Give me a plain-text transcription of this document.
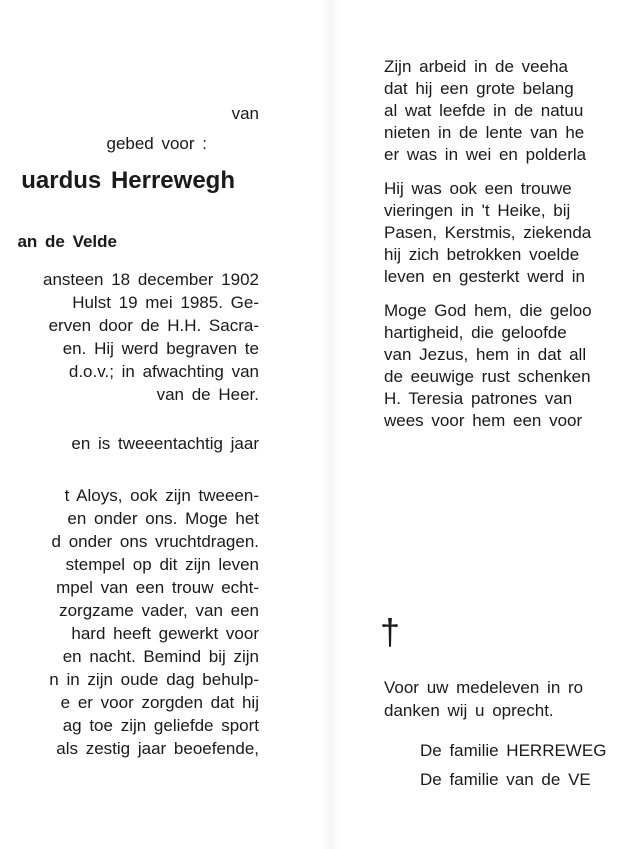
van
gebed voor :
uardus Herrewegh
an de Velde
ansteen 18 december 1902
Hulst 19 mei 1985. Ge-
erven door de H.H. Sacra-
en. Hij werd begraven te
d.o.v.; in afwachting van
van de Heer.
en is tweeentachtig jaar
t Aloys, ook zijn tweeen-
en onder ons. Moge het
d onder ons vruchtdragen.
stempel op dit zijn leven
mpel van een trouw echt-
zorgzame vader, van een
hard heeft gewerkt voor
en nacht. Bemind bij zijn
n in zijn oude dag behulp-
e er voor zorgden dat hij
ag toe zijn geliefde sport
als zestig jaar beoefende,
Zijn arbeid in de veeha
dat hij een grote belang
al wat leefde in de natuu
nieten in de lente van he
er was in wei en polderla
Hij was ook een trouwe
vieringen in 't Heike, bij
Pasen, Kerstmis, ziekenda
hij zich betrokken voelde
leven en gesterkt werd in
Moge God hem, die geloo
hartigheid, die geloofde
van Jezus, hem in dat all
de eeuwige rust schenken
H. Teresia patrones van
wees voor hem een voor
†
Voor uw medeleven in ro
danken wij u oprecht.
De familie HERREWEG
De familie van de VE
